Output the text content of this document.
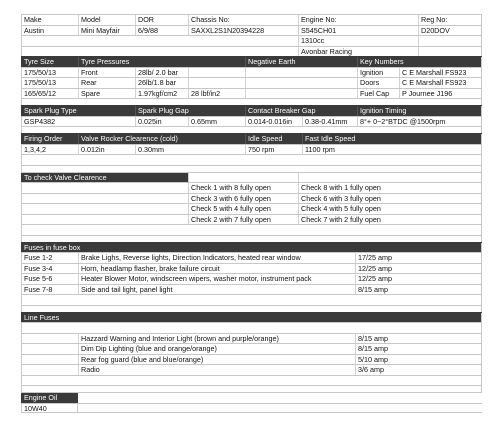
Make	Model	DOR	Chassis No:	Engine No:	Reg No:
Austin	Mini Mayfair	6/9/88	SAXXL2S1N20394228	S545CH01	D20DOV
1310cc
Avonbar Racing
Tyre Size	Tyre Pressures	Negative Earth	Key Numbers
175/50/13	Front	28lb/ 2.0 bar	Ignition	C E Marshall FS923
175/50/13	Rear	26lb/1.8 bar	Doors	C E Marshall FS923
165/65/12	Spare	1.97kgf/cm2	28 lbf/in2	Fuel Cap	P Journee J196
Spark Plug Type	Spark Plug Gap	Contact Breaker Gap	Ignition Timing
GSP4382	0.025in	0.65mm	0.014-0.016in	0.38-0.41mm	8°+ 0~2°BTDC @1500rpm
Firing Order	Valve Rocker Clearence (cold)	Idle Speed	Fast Idle Speed
1,3,4,2	0.012in	0.30mm	750 rpm	1100 rpm
To check Valve Clearence
Check 1 with 8 fully open	Check 8 with 1 fully open
Check 3 with 6 fully open	Check 6 with 3 fully open
Check 5 with 4 fully open	Check 4 with 5 fully open
Check 2 with 7 fully open	Check 7 with 2 fully open
Fuses in fuse box
Fuse 1-2	Brake Lighs, Reverse lights, Direction Indicators, heated rear window	17/25 amp
Fuse 3-4	Horn, headlamp flasher, brake failure circuit	12/25 amp
Fuse 5-6	Heater Blower Motor, windscreen wipers, washer motor, instrument pack	12/25 amp
Fuse 7-8	Side and tail light, panel light	8/15 amp
Line Fuses
Hazzard Warning and Interior Light (brown and purple/orange)	8/15 amp
Dim Dip Lighting (blue and orange/orange)	8/15 amp
Rear fog guard (blue and blue/orange)	5/10 amp
Radio	3/6 amp
Engine Oil
10W40
